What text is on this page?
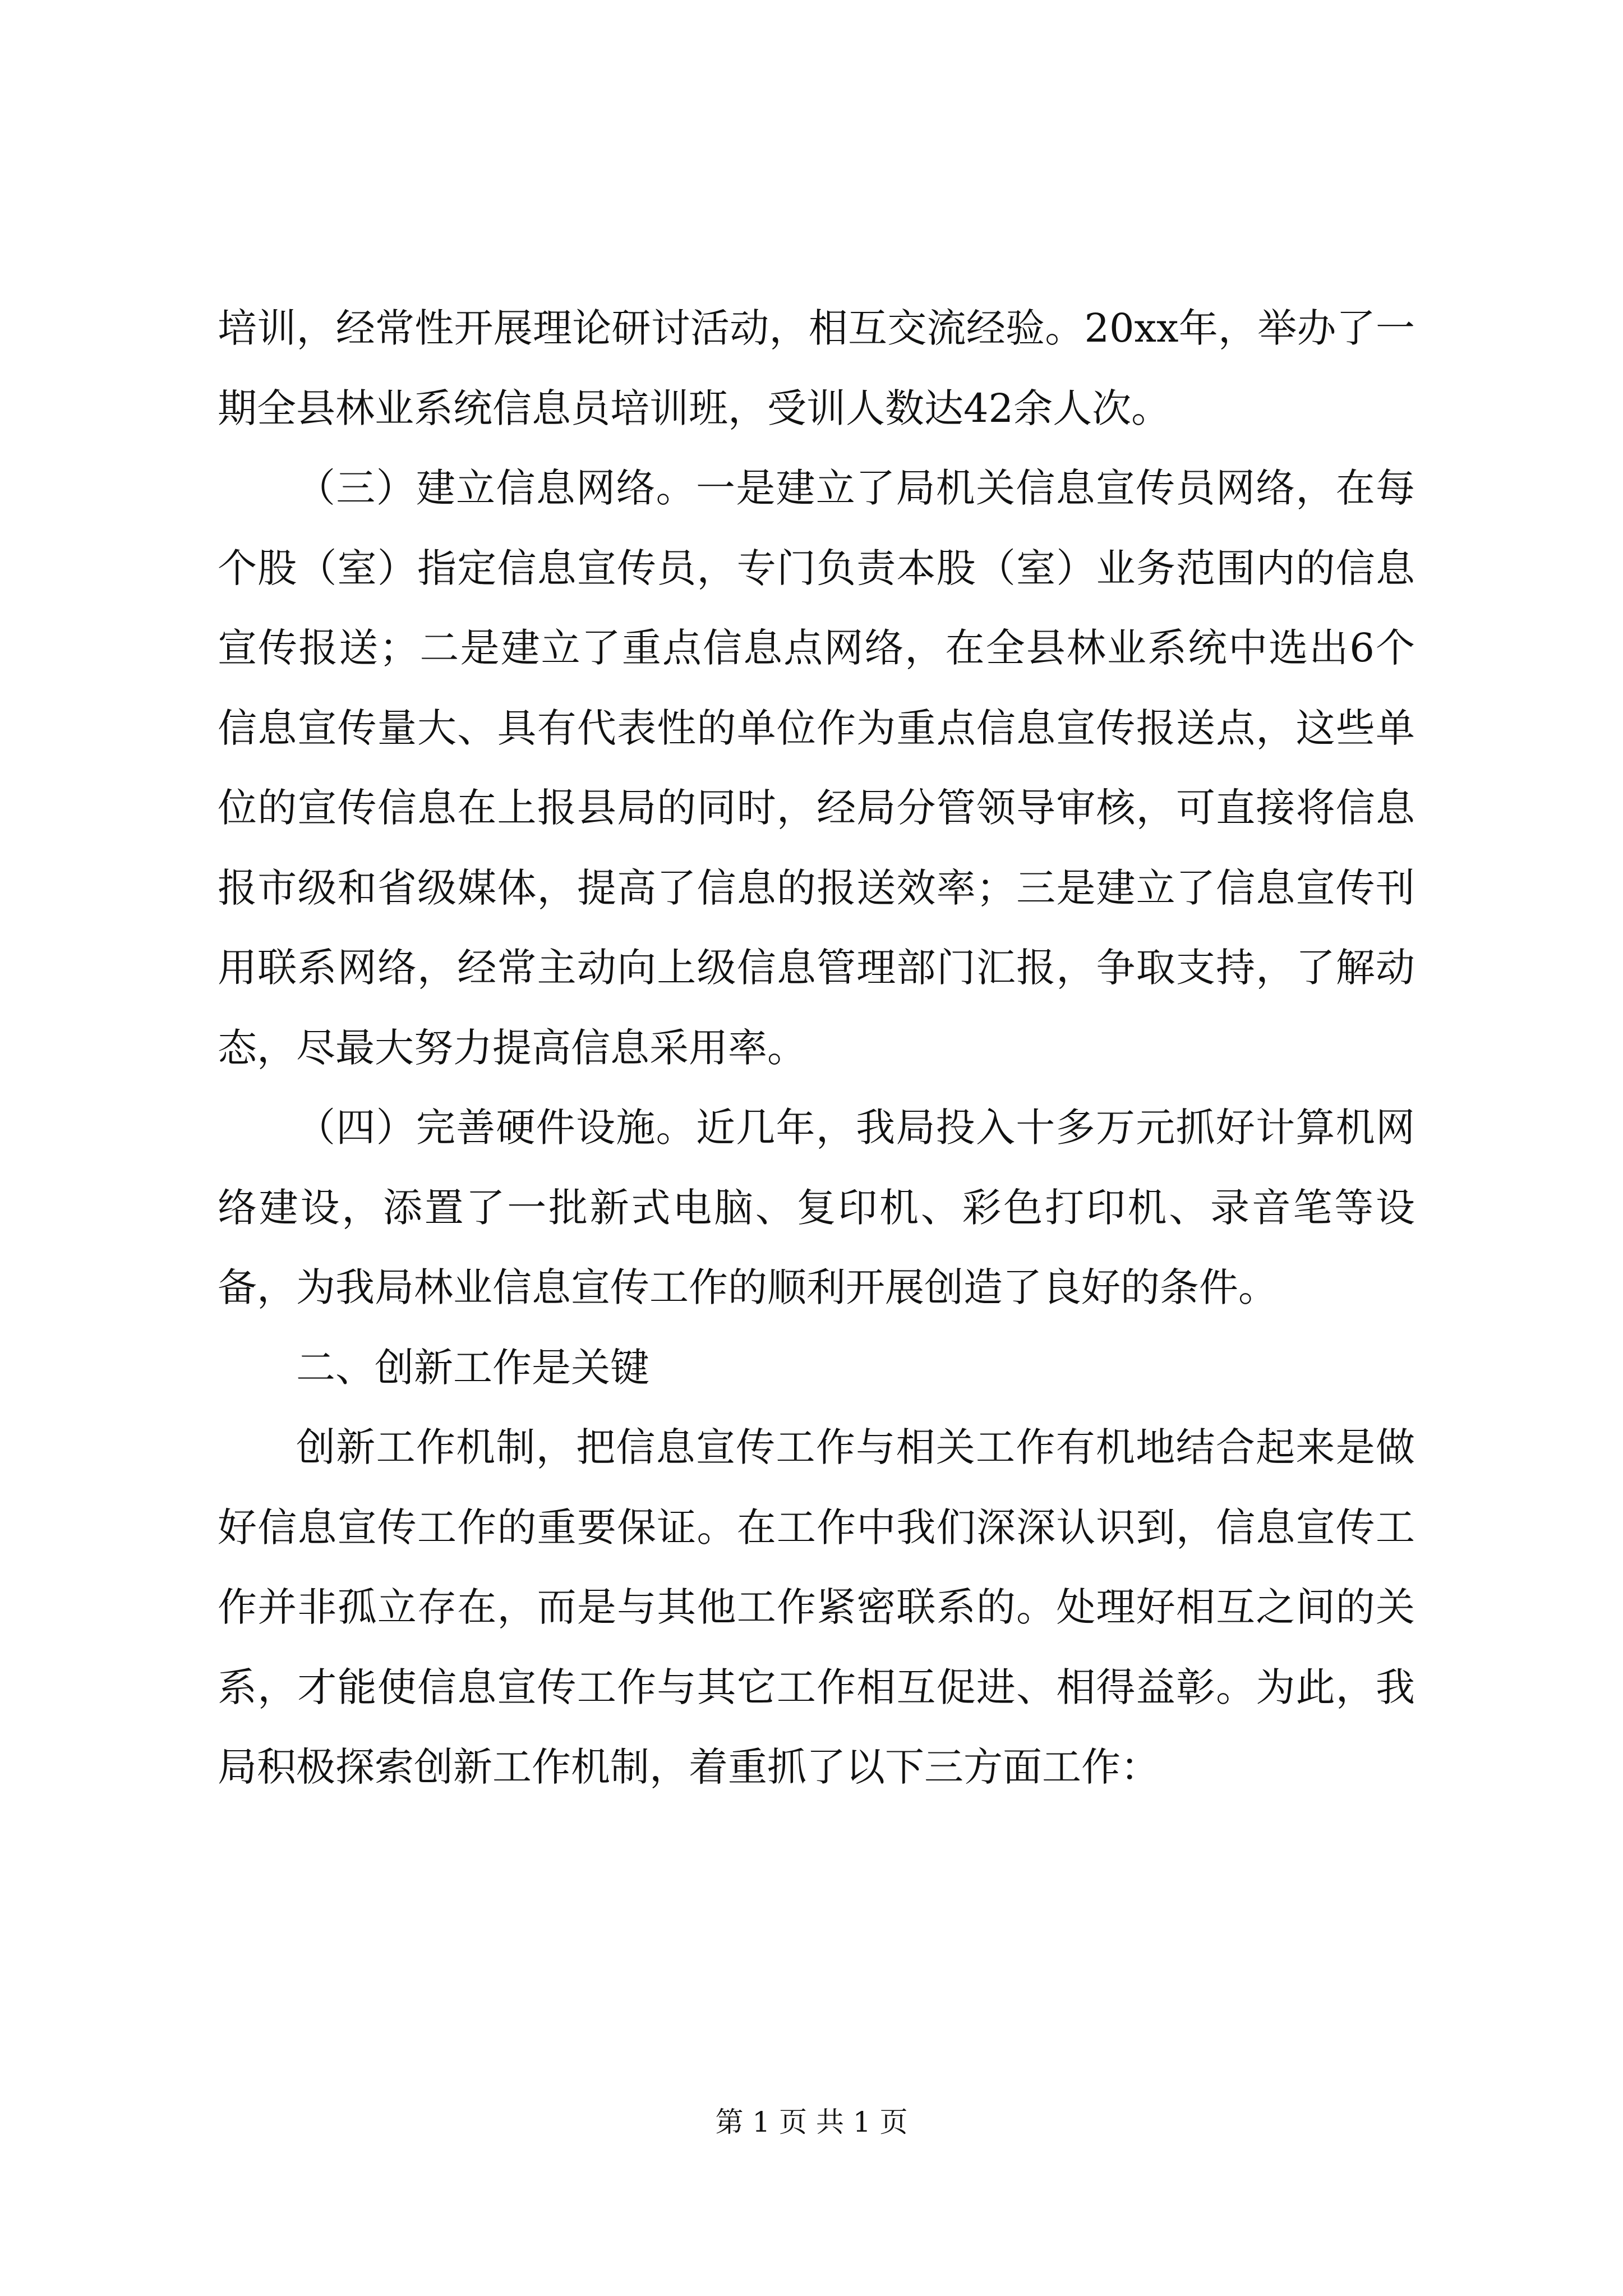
培训，经常性开展理论研讨活动，相互交流经验。20xx年，举办了一期全县林业系统信息员培训班，受训人数达42余人次。

（三）建立信息网络。一是建立了局机关信息宣传员网络，在每个股（室）指定信息宣传员，专门负责本股（室）业务范围内的信息宣传报送；二是建立了重点信息点网络，在全县林业系统中选出6个信息宣传量大、具有代表性的单位作为重点信息宣传报送点，这些单位的宣传信息在上报县局的同时，经局分管领导审核，可直接将信息报市级和省级媒体，提高了信息的报送效率；三是建立了信息宣传刊用联系网络，经常主动向上级信息管理部门汇报，争取支持，了解动态，尽最大努力提高信息采用率。

（四）完善硬件设施。近几年，我局投入十多万元抓好计算机网络建设，添置了一批新式电脑、复印机、彩色打印机、录音笔等设备，为我局林业信息宣传工作的顺利开展创造了良好的条件。

二、创新工作是关键

创新工作机制，把信息宣传工作与相关工作有机地结合起来是做好信息宣传工作的重要保证。在工作中我们深深认识到，信息宣传工作并非孤立存在，而是与其他工作紧密联系的。处理好相互之间的关系，才能使信息宣传工作与其它工作相互促进、相得益彰。为此，我局积极探索创新工作机制，着重抓了以下三方面工作：

第 1 页 共 1 页
